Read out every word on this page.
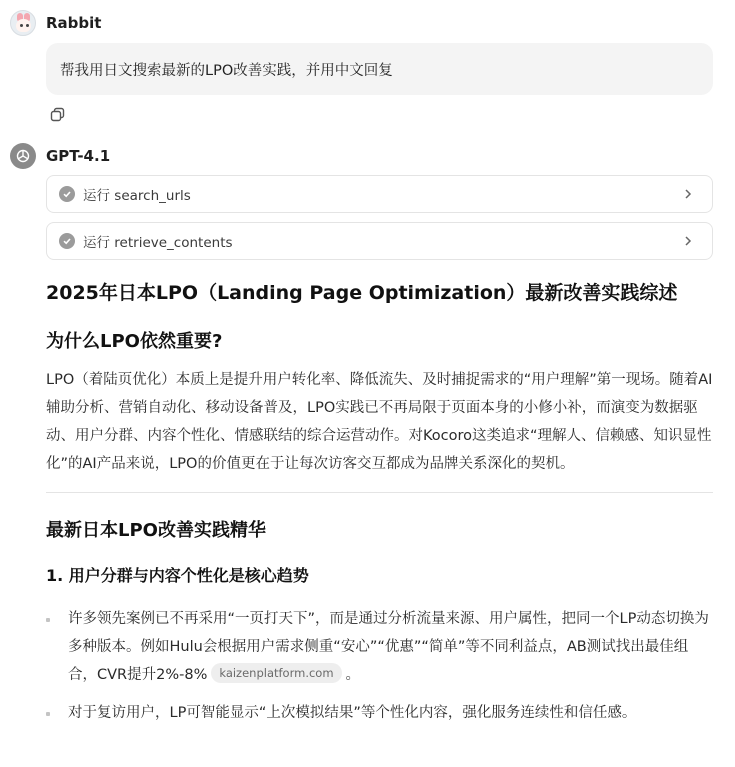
Rabbit
帮我用日文搜索最新的LPO改善实践，并用中文回复
GPT-4.1
运行 search_urls
运行 retrieve_contents
2025年日本LPO（Landing Page Optimization）最新改善实践综述
为什么LPO依然重要?

LPO（着陆页优化）本质上是提升用户转化率、降低流失、及时捕捉需求的“用户理解”第一现场。随着AI辅助分析、营销自动化、移动设备普及，LPO实践已不再局限于页面本身的小修小补，而演变为数据驱动、用户分群、内容个性化、情感联结的综合运营动作。对Kocoro这类追求“理解人、信赖感、知识显性化”的AI产品来说，LPO的价值更在于让每次访客交互都成为品牌关系深化的契机。

最新日本LPO改善实践精华
1. 用户分群与内容个性化是核心趋势
许多领先案例已不再采用“一页打天下”，而是通过分析流量来源、用户属性，把同一个LP动态切换为多种版本。例如Hulu会根据用户需求侧重“安心”“优惠”“简单”等不同利益点，AB测试找出最佳组合，CVR提升2%-8% kaizenplatform.com 。
对于复访用户，LP可智能显示“上次模拟结果”等个性化内容，强化服务连续性和信任感。
